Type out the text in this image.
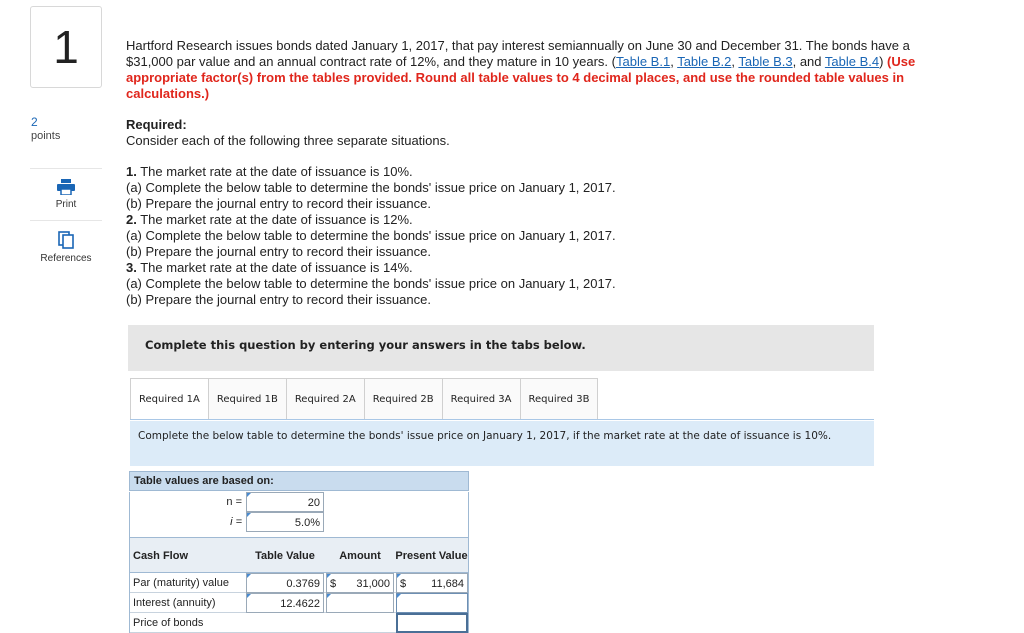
1
2
points
Print
References

Hartford Research issues bonds dated January 1, 2017, that pay interest semiannually on June 30 and December 31. The bonds have a $31,000 par value and an annual contract rate of 12%, and they mature in 10 years. (Table B.1, Table B.2, Table B.3, and Table B.4) (Use appropriate factor(s) from the tables provided. Round all table values to 4 decimal places, and use the rounded table values in calculations.)

Required:

Consider each of the following three separate situations.

1. The market rate at the date of issuance is 10%.

(a) Complete the below table to determine the bonds' issue price on January 1, 2017.

(b) Prepare the journal entry to record their issuance.

2. The market rate at the date of issuance is 12%.

(a) Complete the below table to determine the bonds' issue price on January 1, 2017.

(b) Prepare the journal entry to record their issuance.

3. The market rate at the date of issuance is 14%.

(a) Complete the below table to determine the bonds' issue price on January 1, 2017.

(b) Prepare the journal entry to record their issuance.

Complete this question by entering your answers in the tabs below.
Required 1A	Required 1B	Required 2A	Required 2B	Required 3A	Required 3B
Complete the below table to determine the bonds' issue price on January 1, 2017, if the market rate at the date of issuance is 10%.
Table values are based on:
n =	20
i =	5.0%
Cash Flow	Table Value	Amount	Present Value
Par (maturity) value	0.3769 $ 31,000 $ 11,684
Interest (annuity)	12.4622
Price of bonds
